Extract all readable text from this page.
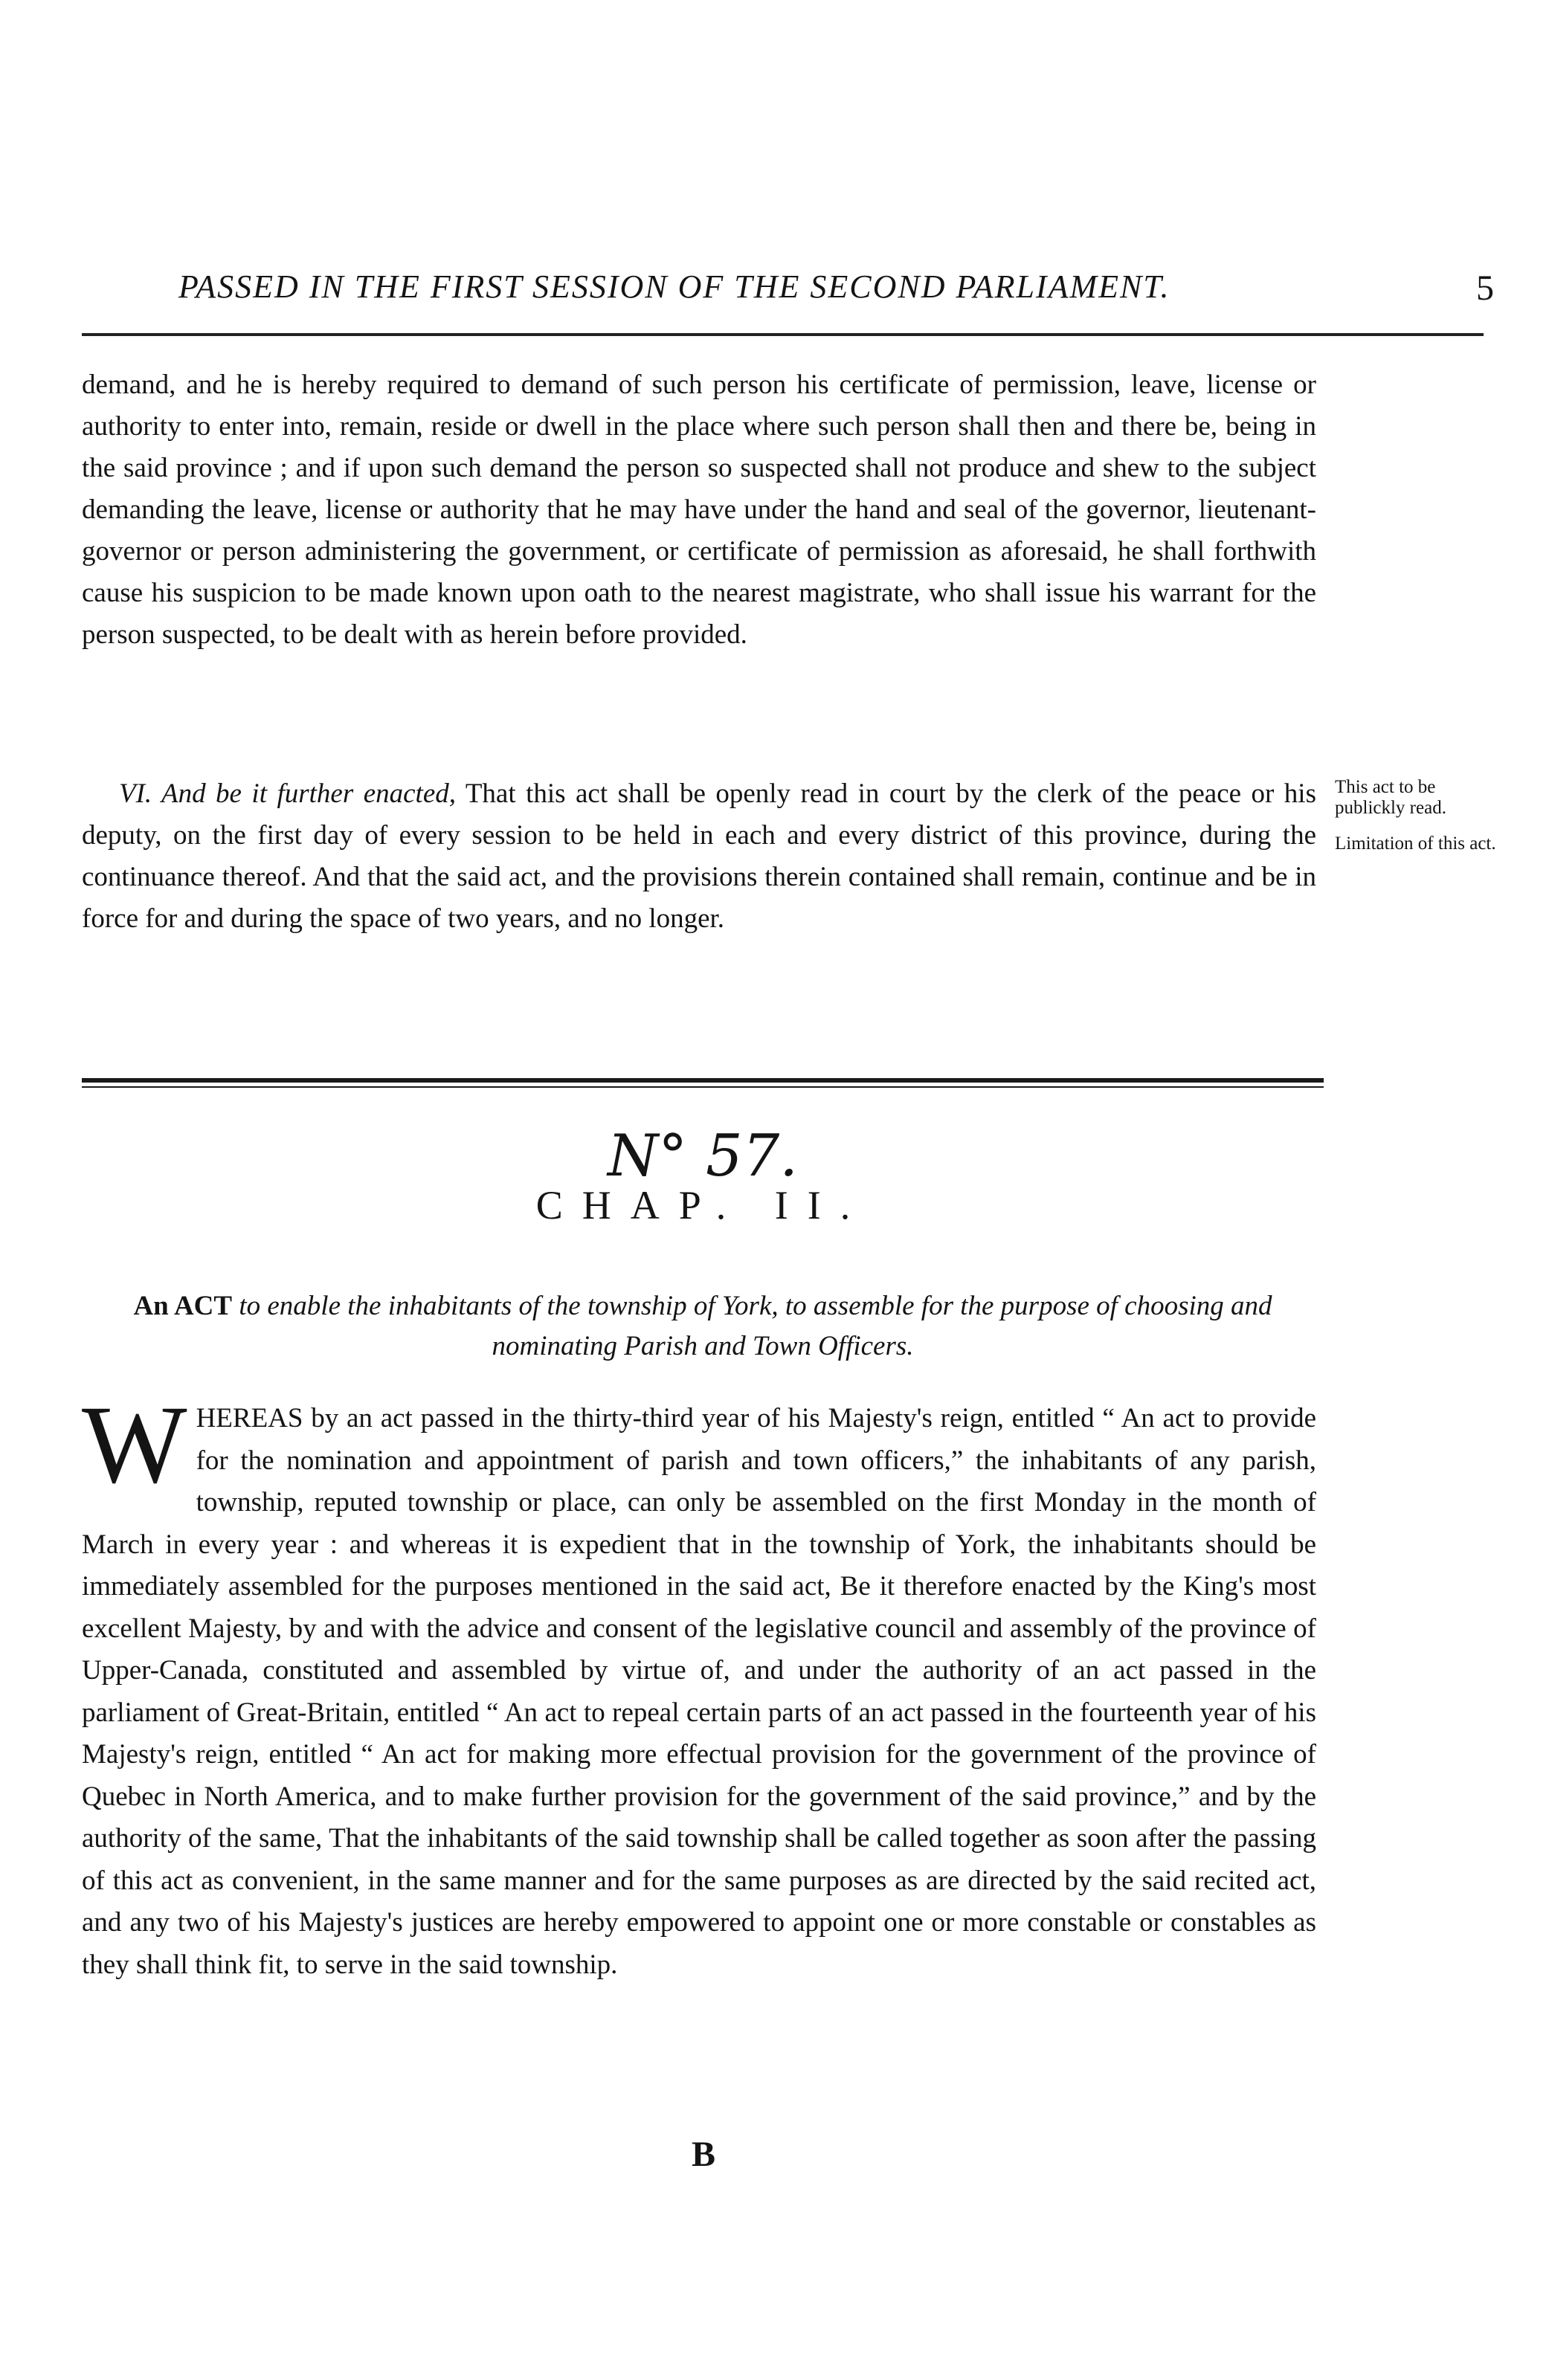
PASSED IN THE FIRST SESSION OF THE SECOND PARLIAMENT.	5
demand, and he is hereby required to demand of such person his certificate of permission, leave, license or authority to enter into, remain, reside or dwell in the place where such person shall then and there be, being in the said province ; and if upon such demand the person so suspected shall not produce and shew to the subject demanding the leave, license or authority that he may have under the hand and seal of the governor, lieutenant-governor or person administering the government, or certificate of permission as aforesaid, he shall forthwith cause his suspicion to be made known upon oath to the nearest magistrate, who shall issue his warrant for the person suspected, to be dealt with as herein before provided.
VI. And be it further enacted, That this act shall be openly read in court by the clerk of the peace or his deputy, on the first day of every session to be held in each and every district of this province, during the continuance thereof. And that the said act, and the provisions therein contained shall remain, continue and be in force for and during the space of two years, and no longer.
This act to be publickly read.
Limitation of this act.
N° 57.
CHAP. II.
An ACT to enable the inhabitants of the township of York, to assemble for the purpose of choosing and nominating Parish and Town Officers.
W HEREAS by an act passed in the thirty-third year of his Majesty's reign, entitled “ An act to provide for the nomination and appointment of parish and town officers,” the inhabitants of any parish, township, reputed township or place, can only be assembled on the first Monday in the month of March in every year : and whereas it is expedient that in the township of York, the inhabitants should be immediately assembled for the purposes mentioned in the said act, Be it therefore enacted by the King's most excellent Majesty, by and with the advice and consent of the legislative council and assembly of the province of Upper-Canada, constituted and assembled by virtue of, and under the authority of an act passed in the parliament of Great-Britain, entitled “ An act to repeal certain parts of an act passed in the fourteenth year of his Majesty's reign, entitled “ An act for making more effectual provision for the government of the province of Quebec in North America, and to make further provision for the government of the said province,” and by the authority of the same, That the inhabitants of the said township shall be called together as soon after the passing of this act as convenient, in the same manner and for the same purposes as are directed by the said recited act, and any two of his Majesty's justices are hereby empowered to appoint one or more constable or constables as they shall think fit, to serve in the said township.
B
